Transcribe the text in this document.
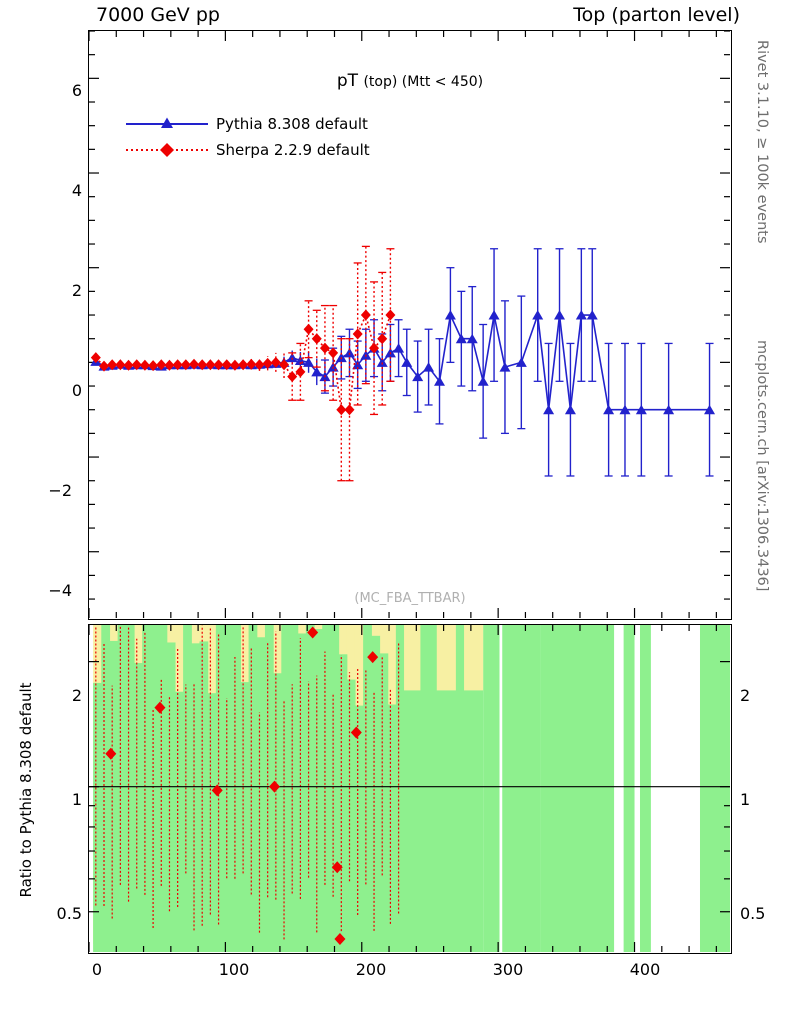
7000 GeV pp	Top (parton level)
Rivet 3.1.10, ≥ 100k events
mcplots.cern.ch [arXiv:1306.3436]
pT (top) (Mtt < 450)
(MC_FBA_TTBAR)
Pythia 8.308 default
Sherpa 2.2.9 default
6
4
2
0
−2
−4
Ratio to Pythia 8.308 default	2
1
0.5
2
1
0.5
0	100	200	300	400
